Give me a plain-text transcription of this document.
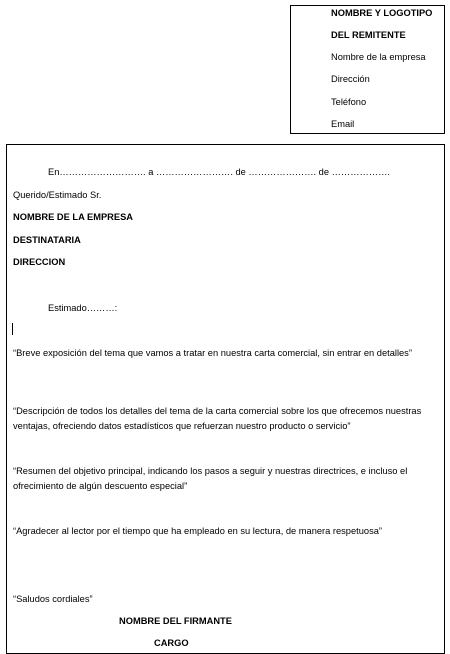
NOMBRE Y LOGOTIPO
DEL REMITENTE
Nombre de la empresa
Dirección
Teléfono
Email
En………………………. a ……………………. de …………………. de ……………….
Querido/Estimado Sr.
NOMBRE DE LA EMPRESA
DESTINATARIA
DIRECCION
Estimado………:
“Breve exposición del tema que vamos a tratar en nuestra carta comercial, sin entrar en detalles”
“Descripción de todos los detalles del tema de la carta comercial sobre los que ofrecemos nuestras ventajas, ofreciendo datos estadísticos que refuerzan nuestro producto o servicio”
“Resumen del objetivo principal, indicando los pasos a seguir y nuestras directrices, e incluso el ofrecimiento de algún descuento especial”
“Agradecer al lector por el tiempo que ha empleado en su lectura, de manera respetuosa”
“Saludos cordiales”
NOMBRE DEL FIRMANTE
CARGO
